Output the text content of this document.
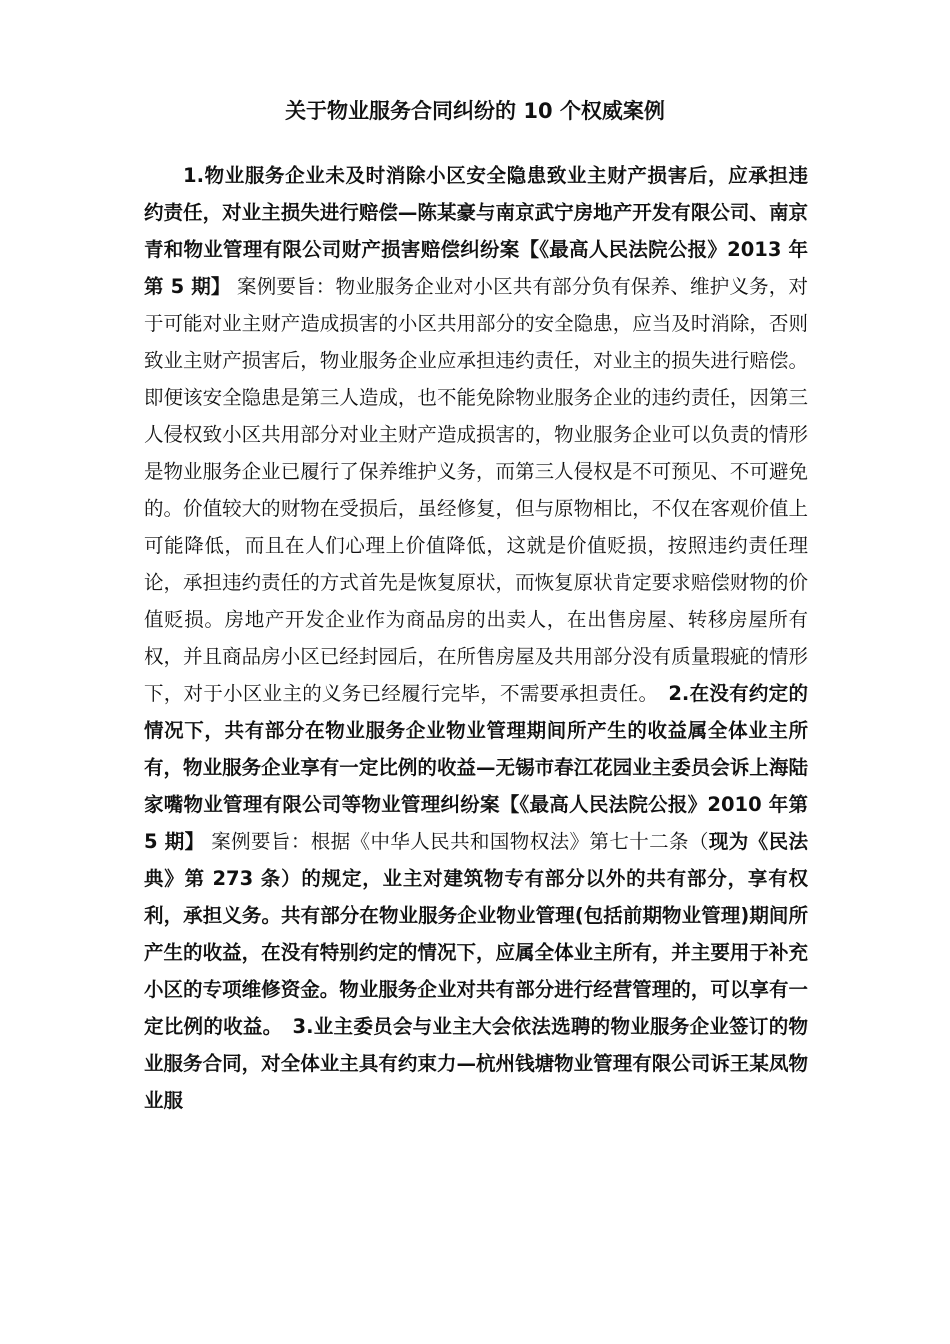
关于物业服务合同纠纷的 10 个权威案例

1.物业服务企业未及时消除小区安全隐患致业主财产损害后，应承担违约责任，对业主损失进行赔偿—陈某豪与南京武宁房地产开发有限公司、南京青和物业管理有限公司财产损害赔偿纠纷案【《最高人民法院公报》2013 年第 5 期】 案例要旨：物业服务企业对小区共有部分负有保养、维护义务，对于可能对业主财产造成损害的小区共用部分的安全隐患，应当及时消除，否则致业主财产损害后，物业服务企业应承担违约责任，对业主的损失进行赔偿。即便该安全隐患是第三人造成，也不能免除物业服务企业的违约责任，因第三人侵权致小区共用部分对业主财产造成损害的，物业服务企业可以负责的情形是物业服务企业已履行了保养维护义务，而第三人侵权是不可预见、不可避免的。价值较大的财物在受损后，虽经修复，但与原物相比，不仅在客观价值上可能降低，而且在人们心理上价值降低，这就是价值贬损，按照违约责任理论，承担违约责任的方式首先是恢复原状，而恢复原状肯定要求赔偿财物的价值贬损。房地产开发企业作为商品房的出卖人，在出售房屋、转移房屋所有权，并且商品房小区已经封园后，在所售房屋及共用部分没有质量瑕疵的情形下，对于小区业主的义务已经履行完毕，不需要承担责任。　 2.在没有约定的情况下，共有部分在物业服务企业物业管理期间所产生的收益属全体业主所有，物业服务企业享有一定比例的收益—无锡市春江花园业主委员会诉上海陆家嘴物业管理有限公司等物业管理纠纷案【《最高人民法院公报》2010 年第 5 期】 案例要旨：根据《中华人民共和国物权法》第七十二条（现为《民法典》第 273 条）的规定，业主对建筑物专有部分以外的共有部分，享有权利，承担义务。共有部分在物业服务企业物业管理(包括前期物业管理)期间所产生的收益，在没有特别约定的情况下，应属全体业主所有，并主要用于补充小区的专项维修资金。物业服务企业对共有部分进行经营管理的，可以享有一定比例的收益。　 3.业主委员会与业主大会依法选聘的物业服务企业签订的物业服务合同，对全体业主具有约束力—杭州钱塘物业管理有限公司诉王某凤物业服
